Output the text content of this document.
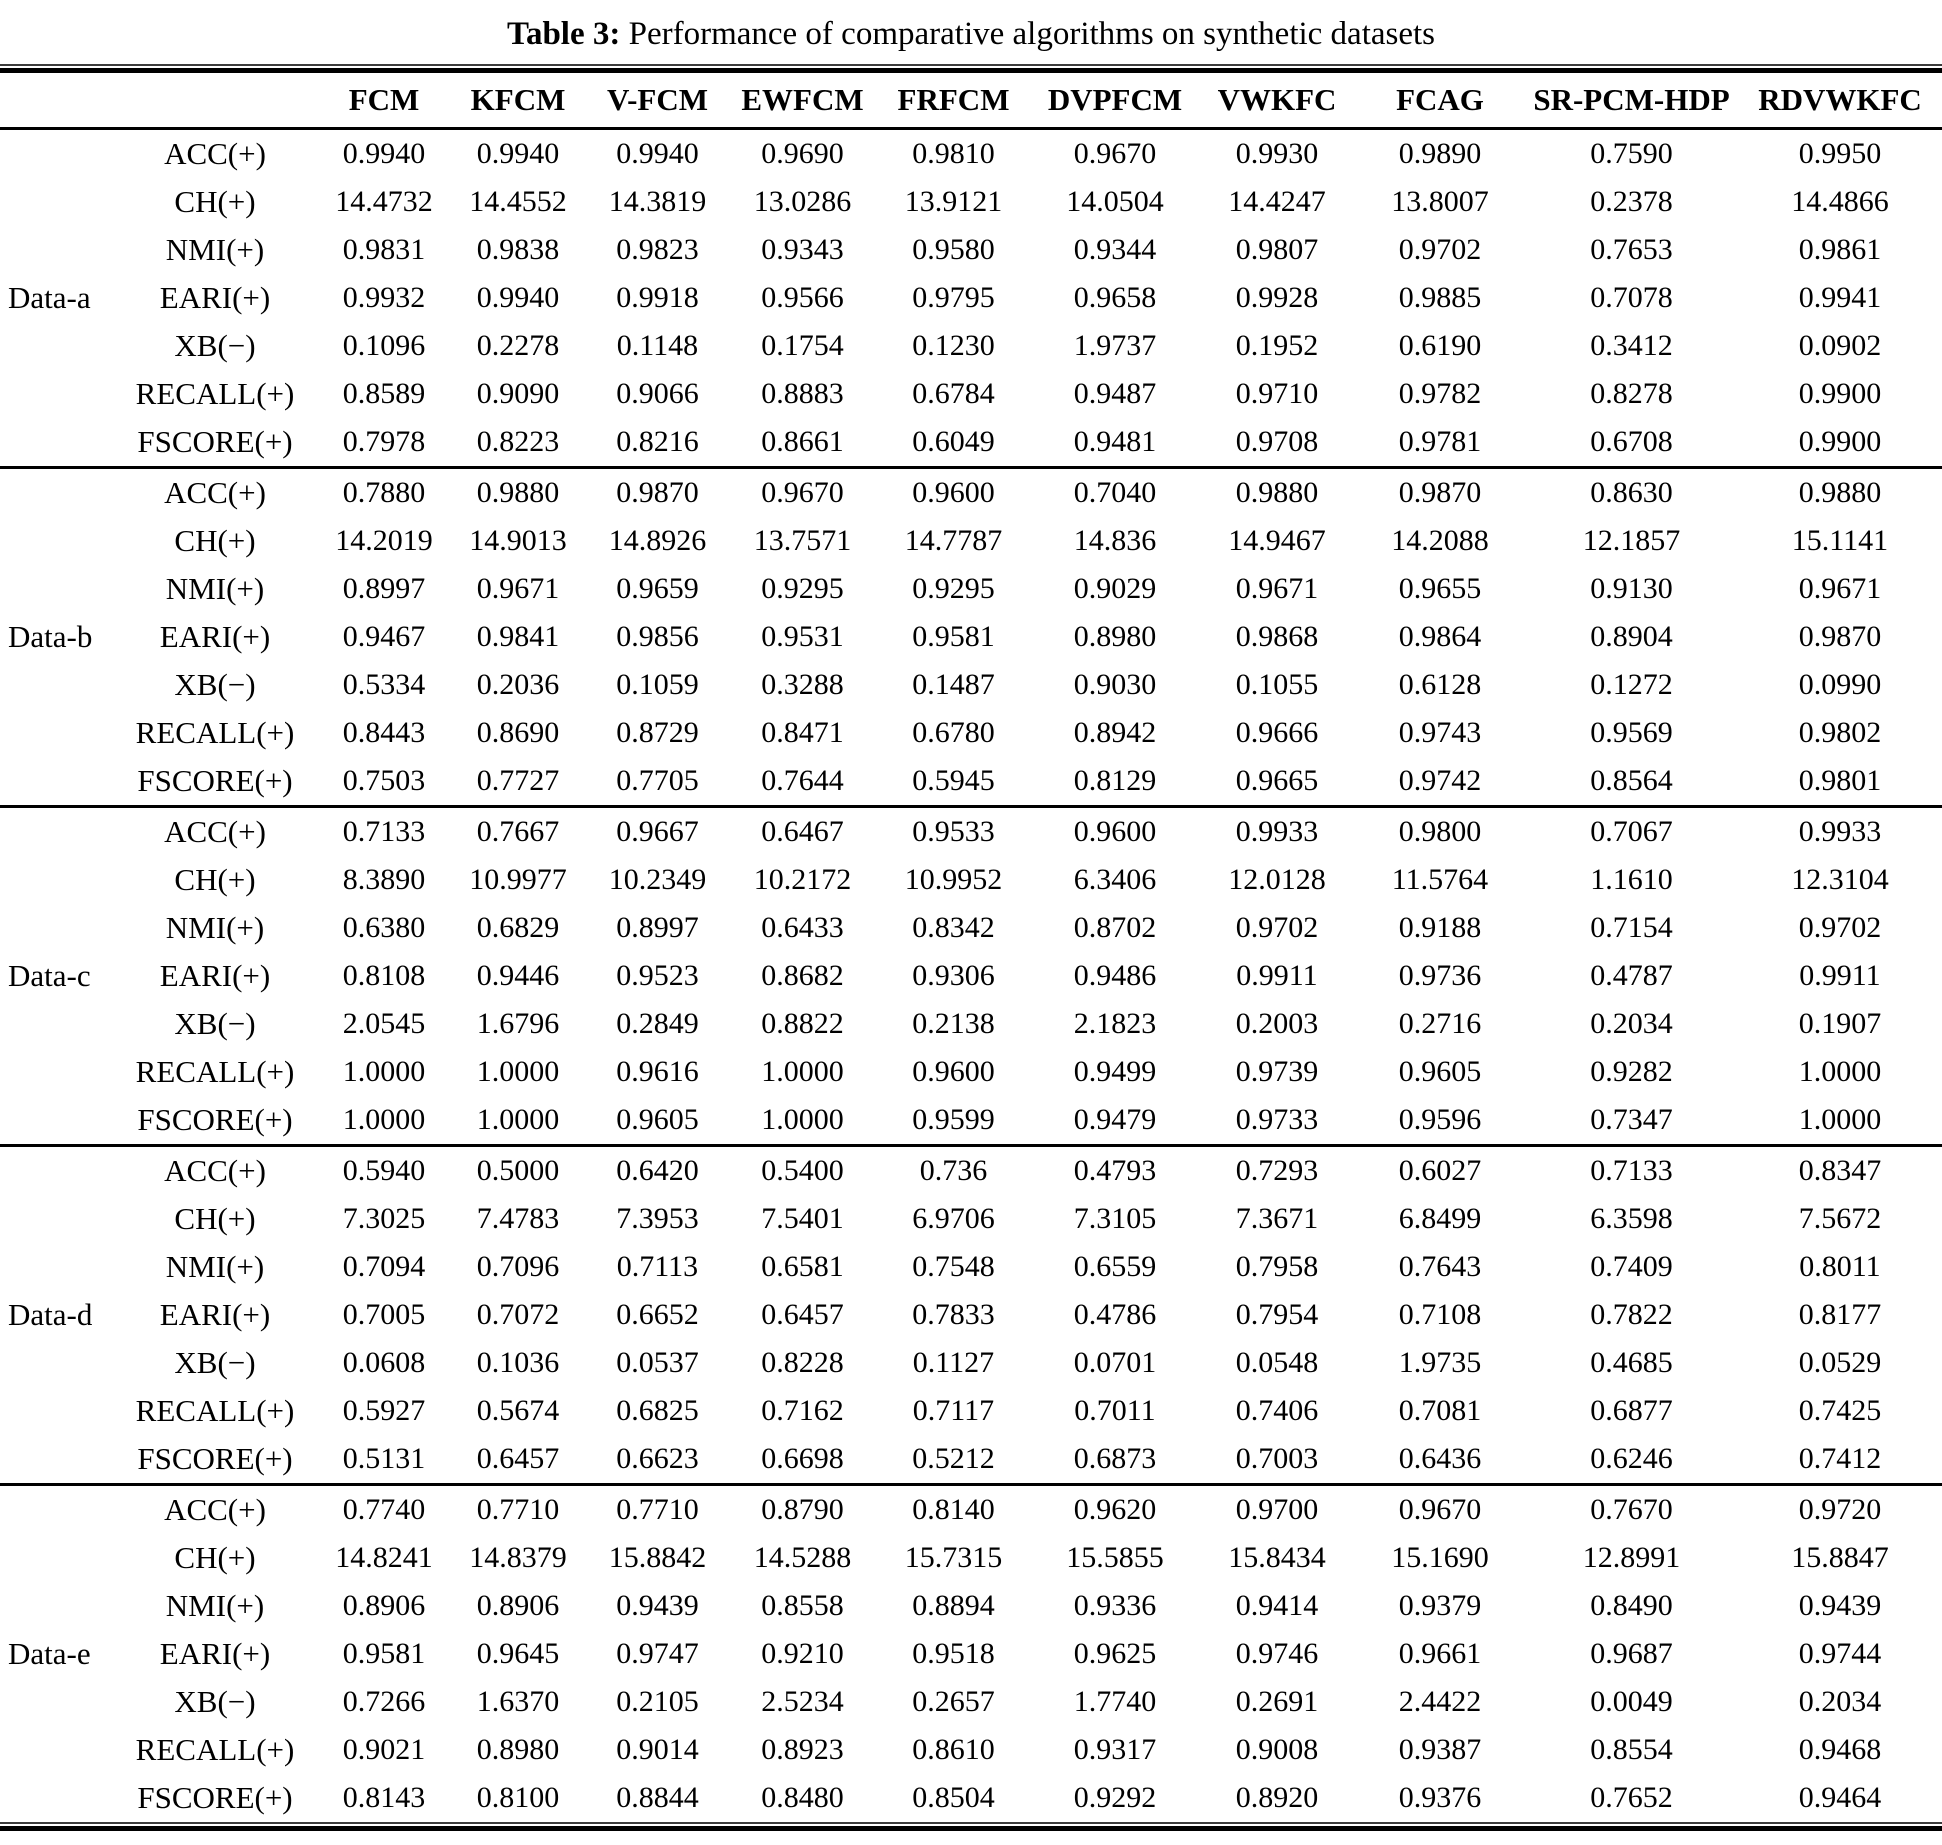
Table 3: Performance of comparative algorithms on synthetic datasets
		FCM	KFCM	V-FCM	EWFCM	FRFCM	DVPFCM	VWKFC	FCAG	SR-PCM-HDP	RDVWKFC
Data-a	ACC(+)	0.9940	0.9940	0.9940	0.9690	0.9810	0.9670	0.9930	0.9890	0.7590	0.9950
	CH(+)	14.4732	14.4552	14.3819	13.0286	13.9121	14.0504	14.4247	13.8007	0.2378	14.4866
	NMI(+)	0.9831	0.9838	0.9823	0.9343	0.9580	0.9344	0.9807	0.9702	0.7653	0.9861
	EARI(+)	0.9932	0.9940	0.9918	0.9566	0.9795	0.9658	0.9928	0.9885	0.7078	0.9941
	XB(−)	0.1096	0.2278	0.1148	0.1754	0.1230	1.9737	0.1952	0.6190	0.3412	0.0902
	RECALL(+)	0.8589	0.9090	0.9066	0.8883	0.6784	0.9487	0.9710	0.9782	0.8278	0.9900
	FSCORE(+)	0.7978	0.8223	0.8216	0.8661	0.6049	0.9481	0.9708	0.9781	0.6708	0.9900
Data-b	ACC(+)	0.7880	0.9880	0.9870	0.9670	0.9600	0.7040	0.9880	0.9870	0.8630	0.9880
	CH(+)	14.2019	14.9013	14.8926	13.7571	14.7787	14.836	14.9467	14.2088	12.1857	15.1141
	NMI(+)	0.8997	0.9671	0.9659	0.9295	0.9295	0.9029	0.9671	0.9655	0.9130	0.9671
	EARI(+)	0.9467	0.9841	0.9856	0.9531	0.9581	0.8980	0.9868	0.9864	0.8904	0.9870
	XB(−)	0.5334	0.2036	0.1059	0.3288	0.1487	0.9030	0.1055	0.6128	0.1272	0.0990
	RECALL(+)	0.8443	0.8690	0.8729	0.8471	0.6780	0.8942	0.9666	0.9743	0.9569	0.9802
	FSCORE(+)	0.7503	0.7727	0.7705	0.7644	0.5945	0.8129	0.9665	0.9742	0.8564	0.9801
Data-c	ACC(+)	0.7133	0.7667	0.9667	0.6467	0.9533	0.9600	0.9933	0.9800	0.7067	0.9933
	CH(+)	8.3890	10.9977	10.2349	10.2172	10.9952	6.3406	12.0128	11.5764	1.1610	12.3104
	NMI(+)	0.6380	0.6829	0.8997	0.6433	0.8342	0.8702	0.9702	0.9188	0.7154	0.9702
	EARI(+)	0.8108	0.9446	0.9523	0.8682	0.9306	0.9486	0.9911	0.9736	0.4787	0.9911
	XB(−)	2.0545	1.6796	0.2849	0.8822	0.2138	2.1823	0.2003	0.2716	0.2034	0.1907
	RECALL(+)	1.0000	1.0000	0.9616	1.0000	0.9600	0.9499	0.9739	0.9605	0.9282	1.0000
	FSCORE(+)	1.0000	1.0000	0.9605	1.0000	0.9599	0.9479	0.9733	0.9596	0.7347	1.0000
Data-d	ACC(+)	0.5940	0.5000	0.6420	0.5400	0.736	0.4793	0.7293	0.6027	0.7133	0.8347
	CH(+)	7.3025	7.4783	7.3953	7.5401	6.9706	7.3105	7.3671	6.8499	6.3598	7.5672
	NMI(+)	0.7094	0.7096	0.7113	0.6581	0.7548	0.6559	0.7958	0.7643	0.7409	0.8011
	EARI(+)	0.7005	0.7072	0.6652	0.6457	0.7833	0.4786	0.7954	0.7108	0.7822	0.8177
	XB(−)	0.0608	0.1036	0.0537	0.8228	0.1127	0.0701	0.0548	1.9735	0.4685	0.0529
	RECALL(+)	0.5927	0.5674	0.6825	0.7162	0.7117	0.7011	0.7406	0.7081	0.6877	0.7425
	FSCORE(+)	0.5131	0.6457	0.6623	0.6698	0.5212	0.6873	0.7003	0.6436	0.6246	0.7412
Data-e	ACC(+)	0.7740	0.7710	0.7710	0.8790	0.8140	0.9620	0.9700	0.9670	0.7670	0.9720
	CH(+)	14.8241	14.8379	15.8842	14.5288	15.7315	15.5855	15.8434	15.1690	12.8991	15.8847
	NMI(+)	0.8906	0.8906	0.9439	0.8558	0.8894	0.9336	0.9414	0.9379	0.8490	0.9439
	EARI(+)	0.9581	0.9645	0.9747	0.9210	0.9518	0.9625	0.9746	0.9661	0.9687	0.9744
	XB(−)	0.7266	1.6370	0.2105	2.5234	0.2657	1.7740	0.2691	2.4422	0.0049	0.2034
	RECALL(+)	0.9021	0.8980	0.9014	0.8923	0.8610	0.9317	0.9008	0.9387	0.8554	0.9468
	FSCORE(+)	0.8143	0.8100	0.8844	0.8480	0.8504	0.9292	0.8920	0.9376	0.7652	0.9464
